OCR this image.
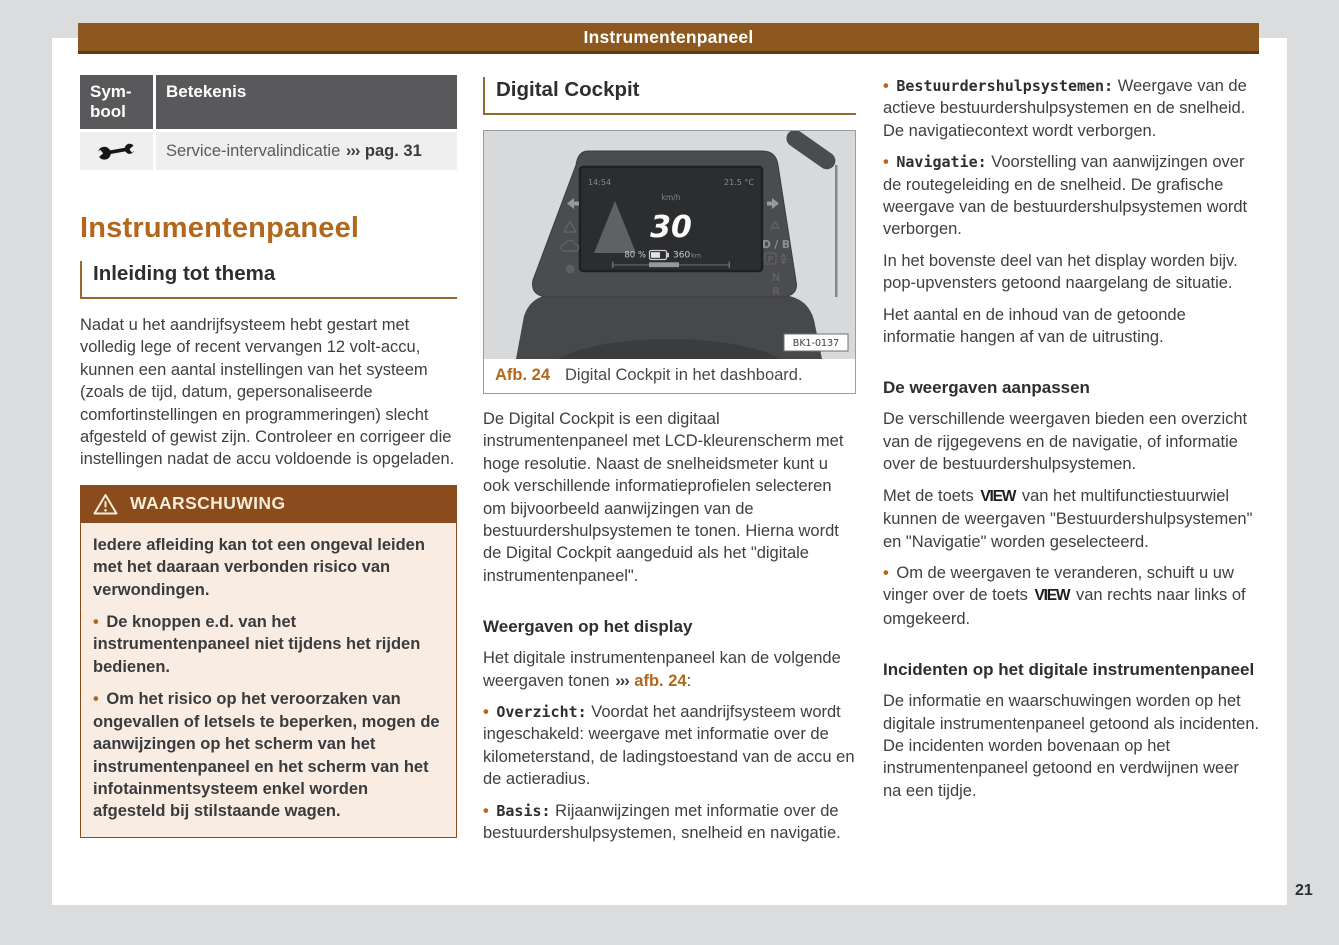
Instrumentenpaneel
21
Sym-bool
Betekenis
Service-intervalindicatie ››› pag. 31
Instrumentenpaneel
Inleiding tot thema

Nadat u het aandrijfsysteem hebt gestart met volledig lege of recent vervangen 12 volt-accu, kunnen een aantal instellingen van het systeem (zoals de tijd, datum, gepersonaliseerde comfortinstellingen en programmeringen) slecht afgesteld of gewist zijn. Controleer en corrigeer die instellingen nadat de accu voldoende is opgeladen.

WAARSCHUWING

Iedere afleiding kan tot een ongeval leiden met het daaraan verbonden risico van verwondingen.

• De knoppen e.d. van het instrumentenpaneel niet tijdens het rijden bedienen.

• Om het risico op het veroorzaken van ongevallen of letsels te beperken, mogen de aanwijzingen op het scherm van het instrumentenpaneel en het scherm van het infotainmentsysteem enkel worden afgesteld bij stilstaande wagen.

Digital Cockpit
D / B
P
N
R
14:54	21.5 °C
km/h
30
80 %	360 km
BK1-0137
Afb. 24 Digital Cockpit in het dashboard.

De Digital Cockpit is een digitaal instrumentenpaneel met LCD-kleurenscherm met hoge resolutie. Naast de snelheidsmeter kunt u ook verschillende informatieprofielen selecteren om bijvoorbeeld aanwijzingen van de bestuurdershulpsystemen te tonen. Hierna wordt de Digital Cockpit aangeduid als het "digitale instrumentenpaneel".

Weergaven op het display

Het digitale instrumentenpaneel kan de volgende weergaven tonen ››› afb. 24:

• Overzicht: Voordat het aandrijfsysteem wordt ingeschakeld: weergave met informatie over de kilometerstand, de ladingstoestand van de accu en de actieradius.

• Basis: Rijaanwijzingen met informatie over de bestuurdershulpsystemen, snelheid en navigatie.

• Bestuurdershulpsystemen: Weergave van de actieve bestuurdershulpsystemen en de snelheid. De navigatiecontext wordt verborgen.

• Navigatie: Voorstelling van aanwijzingen over de routegeleiding en de snelheid. De grafische weergave van de bestuurdershulpsystemen wordt verborgen.

In het bovenste deel van het display worden bijv. pop-upvensters getoond naargelang de situatie.

Het aantal en de inhoud van de getoonde informatie hangen af van de uitrusting.

De weergaven aanpassen

De verschillende weergaven bieden een overzicht van de rijgegevens en de navigatie, of informatie over de bestuurdershulpsystemen.

Met de toets VIEW van het multifunctiestuurwiel kunnen de weergaven "Bestuurdershulpsystemen" en "Navigatie" worden geselecteerd.

• Om de weergaven te veranderen, schuift u uw vinger over de toets VIEW van rechts naar links of omgekeerd.

Incidenten op het digitale instrumentenpaneel

De informatie en waarschuwingen worden op het digitale instrumentenpaneel getoond als incidenten. De incidenten worden bovenaan op het instrumentenpaneel getoond en verdwijnen weer na een tijdje.
